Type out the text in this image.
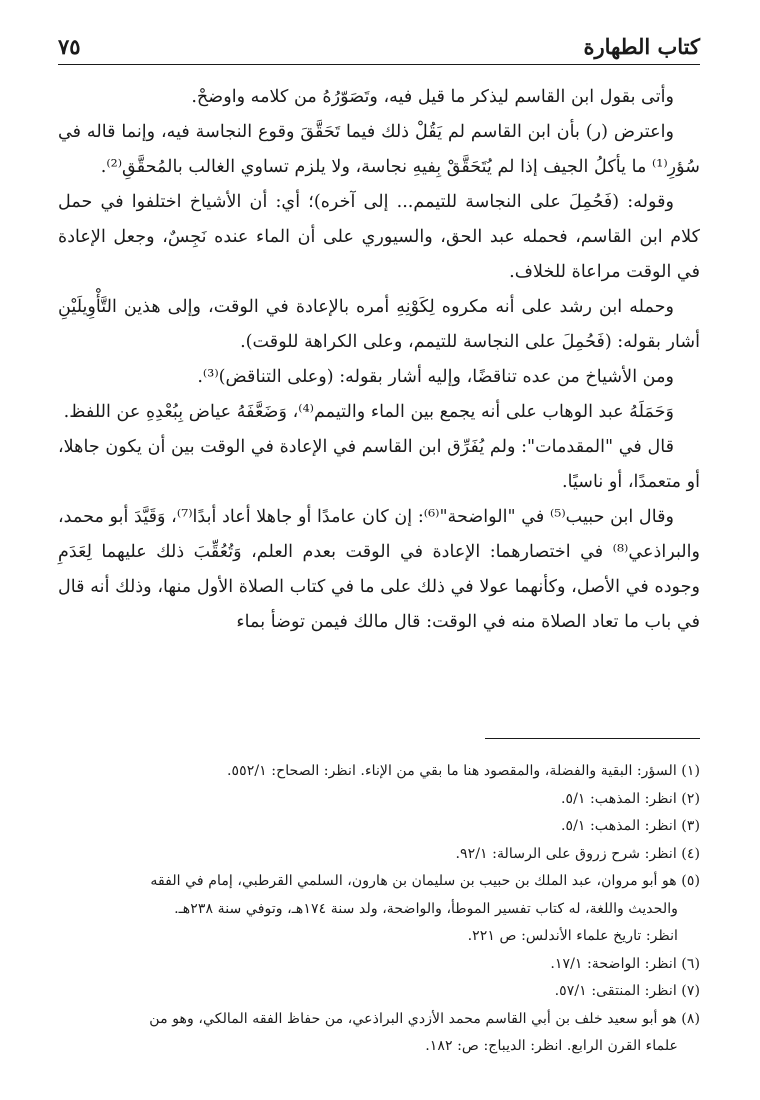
كتاب الطهارة
٧٥

وأتى بقول ابن القاسم ليذكر ما قيل فيه، وتَصَوّرُهُ من كلامه واوضحْ.

واعترض (ر) بأن ابن القاسم لم يَقُلْ ذلك فيما تَحَقَّقَ وقوع النجاسة فيه، وإنما قاله في سُؤرِ⁽¹⁾ ما يأكلُ الجيف إذا لم يُتَحَقَّقْ بِفيهِ نجاسة، ولا يلزم تساوي الغالب بالمُحقَّقِ⁽²⁾.

وقوله: (فَحُمِلَ على النجاسة للتيمم... إلى آخره)؛ أي: أن الأشياخ اختلفوا في حمل كلام ابن القاسم، فحمله عبد الحق، والسيوري على أن الماء عنده نَجِسٌ، وجعل الإعادة في الوقت مراعاة للخلاف.

وحمله ابن رشد على أنه مكروه لِكَوْنِهِ أمره بالإعادة في الوقت، وإلى هذين التَّأْوِيلَيْنِ أشار بقوله: (فَحُمِلَ على النجاسة للتيمم، وعلى الكراهة للوقت).

ومن الأشياخ من عده تناقضًا، وإليه أشار بقوله: (وعلى التناقض)⁽³⁾.

وَحَمَلَهُ عبد الوهاب على أنه يجمع بين الماء والتيمم⁽⁴⁾، وَضَعَّفَهُ عياض بِبُعْدِهِ عن اللفظ.

قال في "المقدمات": ولم يُفَرِّق ابن القاسم في الإعادة في الوقت بين أن يكون جاهلا، أو متعمدًا، أو ناسيًا.

وقال ابن حبيب⁽⁵⁾ في "الواضحة"⁽⁶⁾: إن كان عامدًا أو جاهلا أعاد أبدًا⁽⁷⁾، وَقَيَّدَ أبو محمد، والبراذعي⁽⁸⁾ في اختصارهما: الإعادة في الوقت بعدم العلم، وَتُعُقِّبَ ذلك عليهما لِعَدَمِ وجوده في الأصل، وكأنهما عولا في ذلك على ما في كتاب الصلاة الأول منها، وذلك أنه قال في باب ما تعاد الصلاة منه في الوقت: قال مالك فيمن توضأ بماء

(١) السؤر: البقية والفضلة، والمقصود هنا ما بقي من الإناء. انظر: الصحاح: ٥٥٢/١.

(٢) انظر: المذهب: ٥/١.

(٣) انظر: المذهب: ٥/١.

(٤) انظر: شرح زروق على الرسالة: ٩٢/١.

(٥) هو أبو مروان، عبد الملك بن حبيب بن سليمان بن هارون، السلمي القرطبي، إمام في الفقه

والحديث واللغة، له كتاب تفسير الموطأ، والواضحة، ولد سنة ١٧٤هـ، وتوفي سنة ٢٣٨هـ.

انظر: تاريخ علماء الأندلس: ص ٢٢١.

(٦) انظر: الواضحة: ١٧/١.

(٧) انظر: المنتقى: ٥٧/١.

(٨) هو أبو سعيد خلف بن أبي القاسم محمد الأزدي البراذعي، من حفاظ الفقه المالكي، وهو من

علماء القرن الرابع. انظر: الديباج: ص: ١٨٢.
